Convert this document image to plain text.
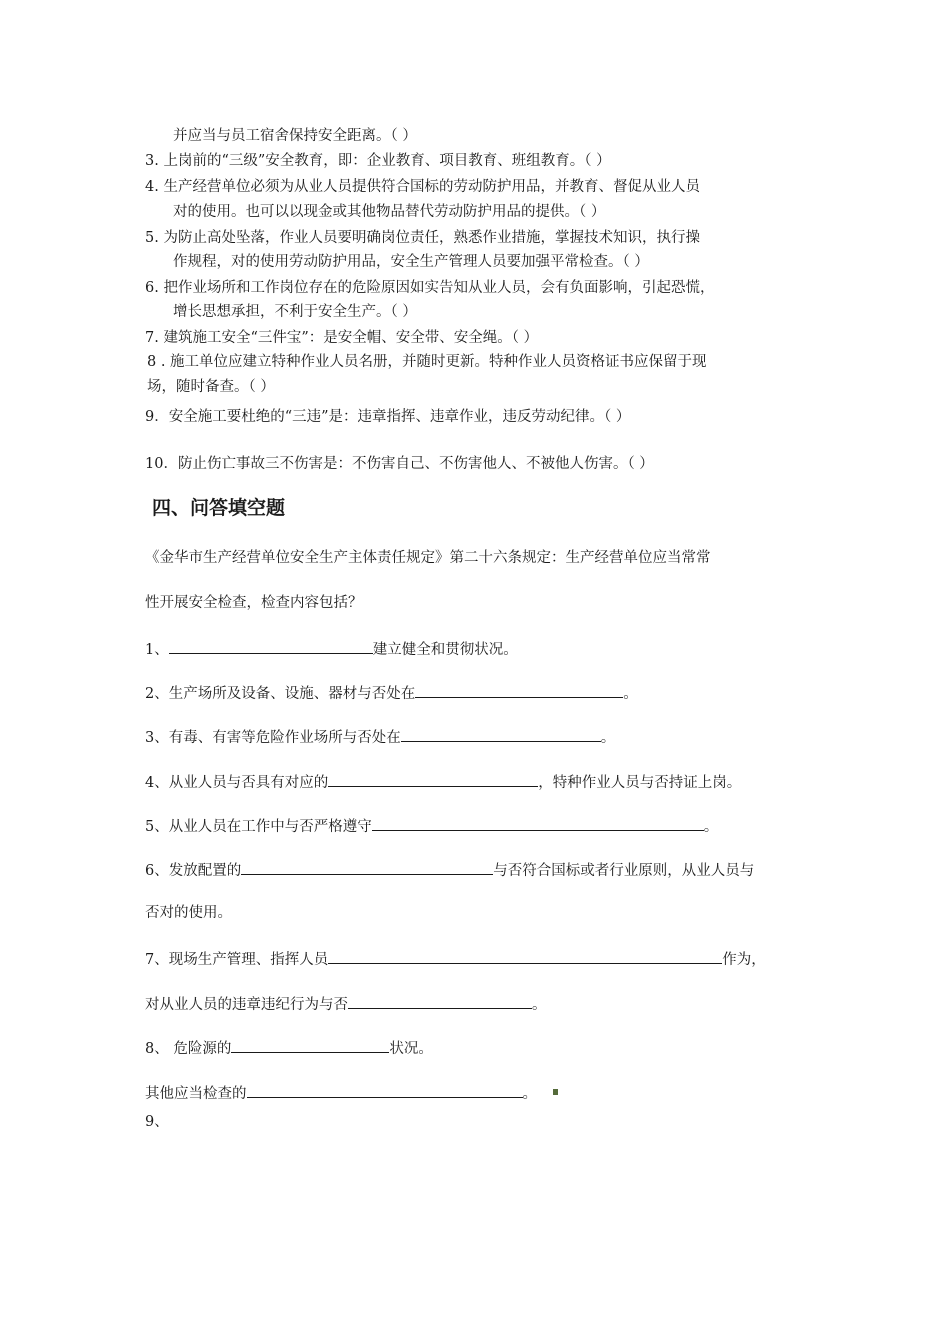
并应当与员工宿舍保持安全距离。（ ）
3. 上岗前的“三级”安全教育，即：企业教育、项目教育、班组教育。（ ）
4. 生产经营单位必须为从业人员提供符合国标的劳动防护用品，并教育、督促从业人员
对的使用。也可以以现金或其他物品替代劳动防护用品的提供。（ ）
5. 为防止高处坠落，作业人员要明确岗位责任，熟悉作业措施，掌握技术知识，执行操
作规程，对的使用劳动防护用品，安全生产管理人员要加强平常检查。（ ）
6. 把作业场所和工作岗位存在的危险原因如实告知从业人员，会有负面影响，引起恐慌，
增长思想承担，不利于安全生产。（ ）
7. 建筑施工安全“三件宝”：是安全帽、安全带、安全绳。（ ）
8 . 施工单位应建立特种作业人员名册，并随时更新。特种作业人员资格证书应保留于现
场，随时备查。（ ）
9．安全施工要杜绝的“三违”是：违章指挥、违章作业，违反劳动纪律。（ ）
10．防止伤亡事故三不伤害是：不伤害自己、不伤害他人、不被他人伤害。（ ）
四、问答填空题
《金华市生产经营单位安全生产主体责任规定》第二十六条规定：生产经营单位应当常常
性开展安全检查，检查内容包括？
1、	建立健全和贯彻状况。
2、生产场所及设备、设施、器材与否处在	。
3、有毒、有害等危险作业场所与否处在	。
4、从业人员与否具有对应的	，特种作业人员与否持证上岗。
5、从业人员在工作中与否严格遵守	。
6、发放配置的	与否符合国标或者行业原则，从业人员与
否对的使用。
7、现场生产管理、指挥人员	作为，
对从业人员的违章违纪行为与否	。
8、 危险源的	状况。
其他应当检查的	。
9、
